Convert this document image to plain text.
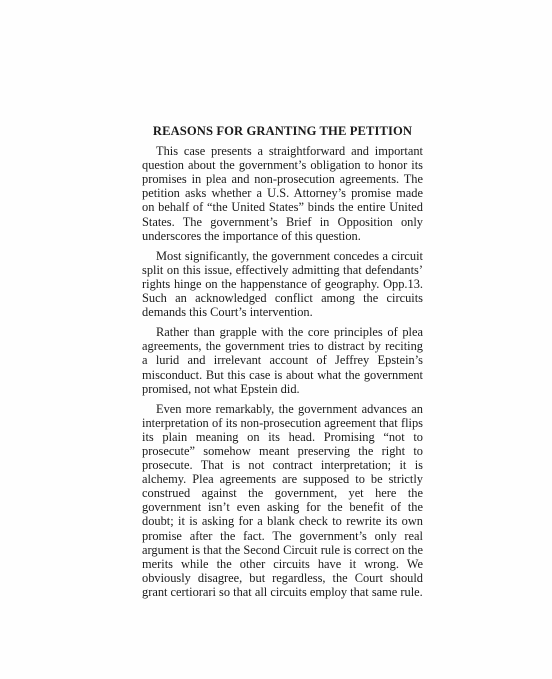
REASONS FOR GRANTING THE PETITION

This case presents a straightforward and important question about the government’s obligation to honor its promises in plea and non-prosecution agreements. The petition asks whether a U.S. Attorney’s promise made on behalf of “the United States” binds the entire United States. The government’s Brief in Opposition only underscores the importance of this question.

Most significantly, the government concedes a circuit split on this issue, effectively admitting that defendants’ rights hinge on the happenstance of geography. Opp.13. Such an acknowledged conflict among the circuits demands this Court’s intervention.

Rather than grapple with the core principles of plea agreements, the government tries to distract by reciting a lurid and irrelevant account of Jeffrey Epstein’s misconduct. But this case is about what the government promised, not what Epstein did.

Even more remarkably, the government advances an interpretation of its non-prosecution agreement that flips its plain meaning on its head. Promising “not to prosecute” somehow meant preserving the right to prosecute. That is not contract interpretation; it is alchemy. Plea agreements are supposed to be strictly construed against the government, yet here the government isn’t even asking for the benefit of the doubt; it is asking for a blank check to rewrite its own promise after the fact. The government’s only real argument is that the Second Circuit rule is correct on the merits while the other circuits have it wrong. We obviously disagree, but regardless, the Court should grant certiorari so that all circuits employ that same rule.
